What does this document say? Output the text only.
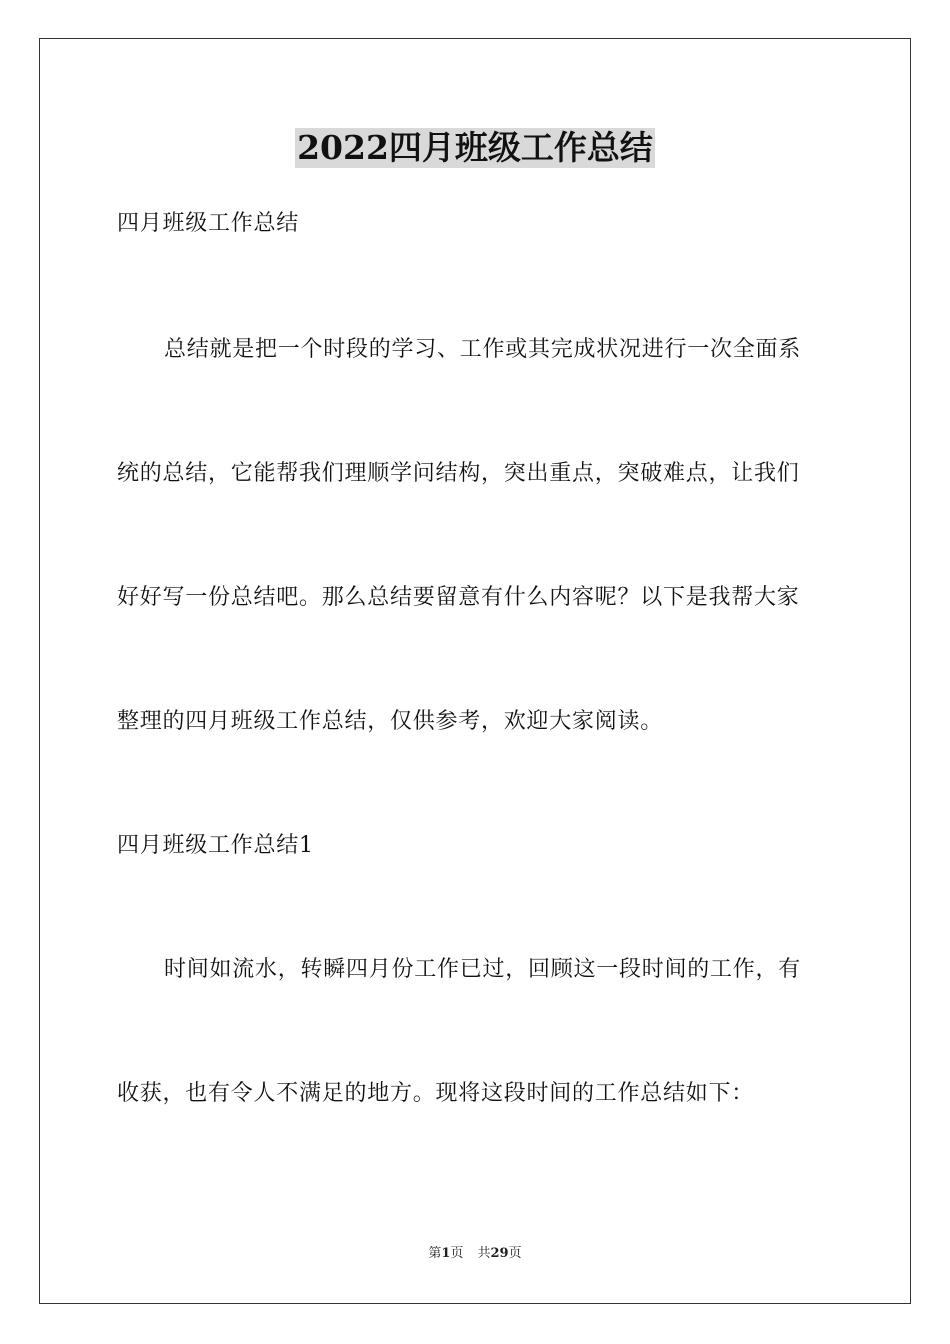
2022四月班级工作总结
四月班级工作总结
总结就是把一个时段的学习、工作或其完成状况进行一次全面系
统的总结，它能帮我们理顺学问结构，突出重点，突破难点，让我们
好好写一份总结吧。那么总结要留意有什么内容呢？以下是我帮大家
整理的四月班级工作总结，仅供参考，欢迎大家阅读。
四月班级工作总结1
时间如流水，转瞬四月份工作已过，回顾这一段时间的工作，有
收获，也有令人不满足的地方。现将这段时间的工作总结如下：
第1页 共29页
